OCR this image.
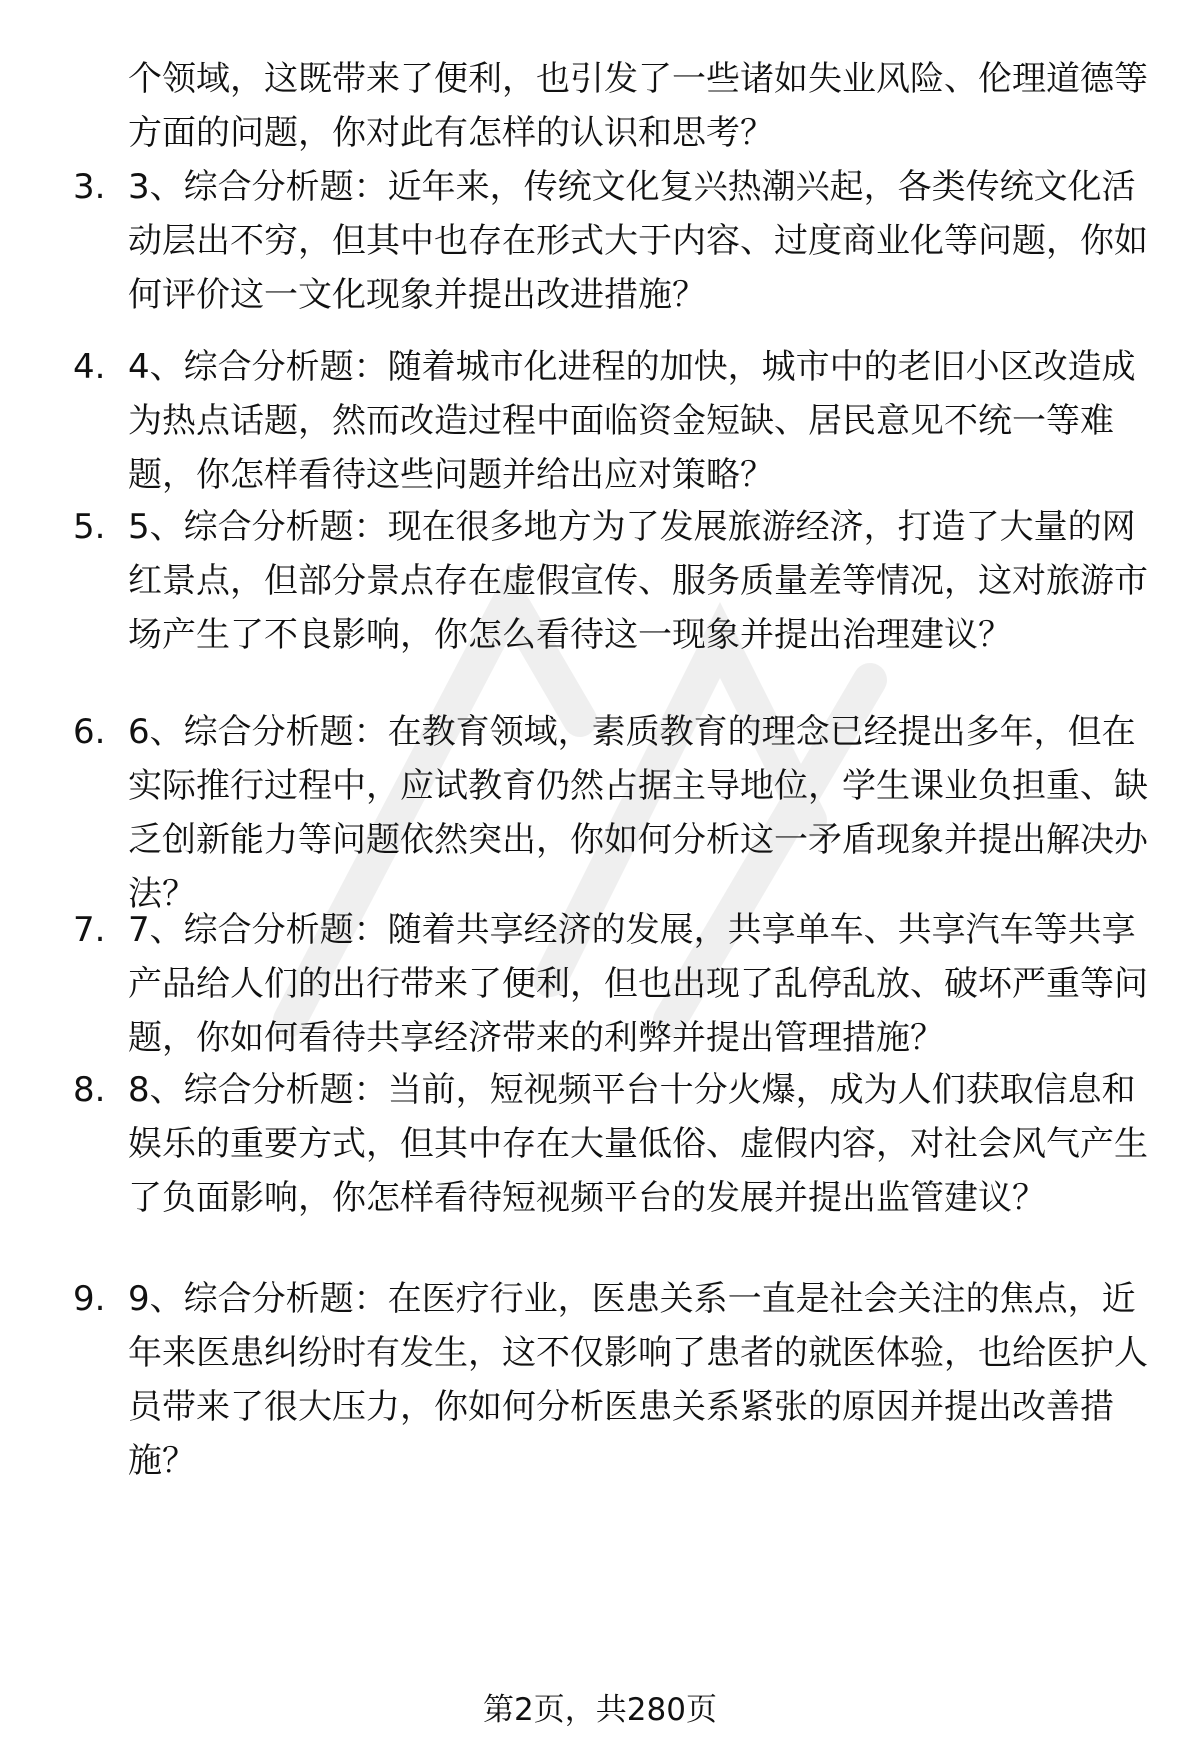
个领域，这既带来了便利，也引发了一些诸如失业风险、伦理道德等方面的问题，你对此有怎样的认识和思考？

3. 3、综合分析题：近年来，传统文化复兴热潮兴起，各类传统文化活动层出不穷，但其中也存在形式大于内容、过度商业化等问题，你如何评价这一文化现象并提出改进措施？

4. 4、综合分析题：随着城市化进程的加快，城市中的老旧小区改造成为热点话题，然而改造过程中面临资金短缺、居民意见不统一等难题，你怎样看待这些问题并给出应对策略？

5. 5、综合分析题：现在很多地方为了发展旅游经济，打造了大量的网红景点，但部分景点存在虚假宣传、服务质量差等情况，这对旅游市场产生了不良影响，你怎么看待这一现象并提出治理建议？

6. 6、综合分析题：在教育领域，素质教育的理念已经提出多年，但在实际推行过程中，应试教育仍然占据主导地位，学生课业负担重、缺乏创新能力等问题依然突出，你如何分析这一矛盾现象并提出解决办法？

7. 7、综合分析题：随着共享经济的发展，共享单车、共享汽车等共享产品给人们的出行带来了便利，但也出现了乱停乱放、破坏严重等问题，你如何看待共享经济带来的利弊并提出管理措施？

8. 8、综合分析题：当前，短视频平台十分火爆，成为人们获取信息和娱乐的重要方式，但其中存在大量低俗、虚假内容，对社会风气产生了负面影响，你怎样看待短视频平台的发展并提出监管建议？

9. 9、综合分析题：在医疗行业，医患关系一直是社会关注的焦点，近年来医患纠纷时有发生，这不仅影响了患者的就医体验，也给医护人员带来了很大压力，你如何分析医患关系紧张的原因并提出改善措施？

第2页，共280页
